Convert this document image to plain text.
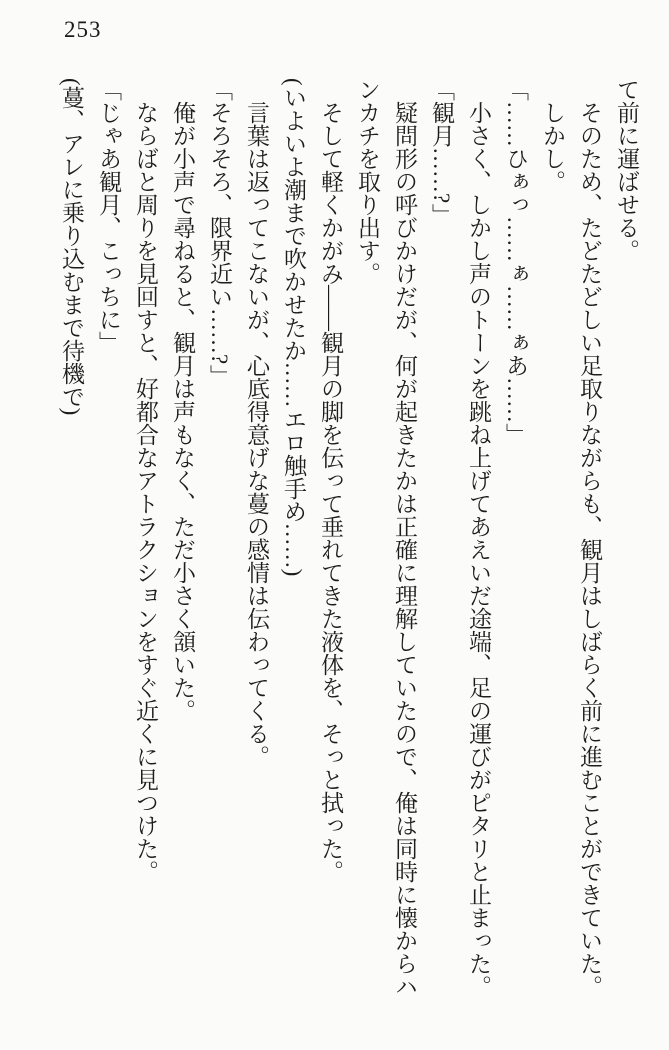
253
て前に運ばせる。
そのため、たどたどしい足取りながらも、観月はしばらく前に進むことができていた。
しかし。
「……ひぁっ……ぁ……ぁあ……」
小さく、しかし声のトーンを跳ね上げてあえいだ途端、足の運びがピタリと止まった。
「観月……?」
疑問形の呼びかけだが、何が起きたかは正確に理解していたので、俺は同時に懐からハ
ンカチを取り出す。
そして軽くかがみ――観月の脚を伝って垂れてきた液体を、そっと拭った。
(いよいよ潮まで吹かせたか……エロ触手め……)
言葉は返ってこないが、心底得意げな蔓の感情は伝わってくる。
「そろそろ、限界近い……?」
俺が小声で尋ねると、観月は声もなく、ただ小さく頷いた。
ならばと周りを見回すと、好都合なアトラクションをすぐ近くに見つけた。
「じゃあ観月、こっちに」
(蔓、アレに乗り込むまで待機で)
